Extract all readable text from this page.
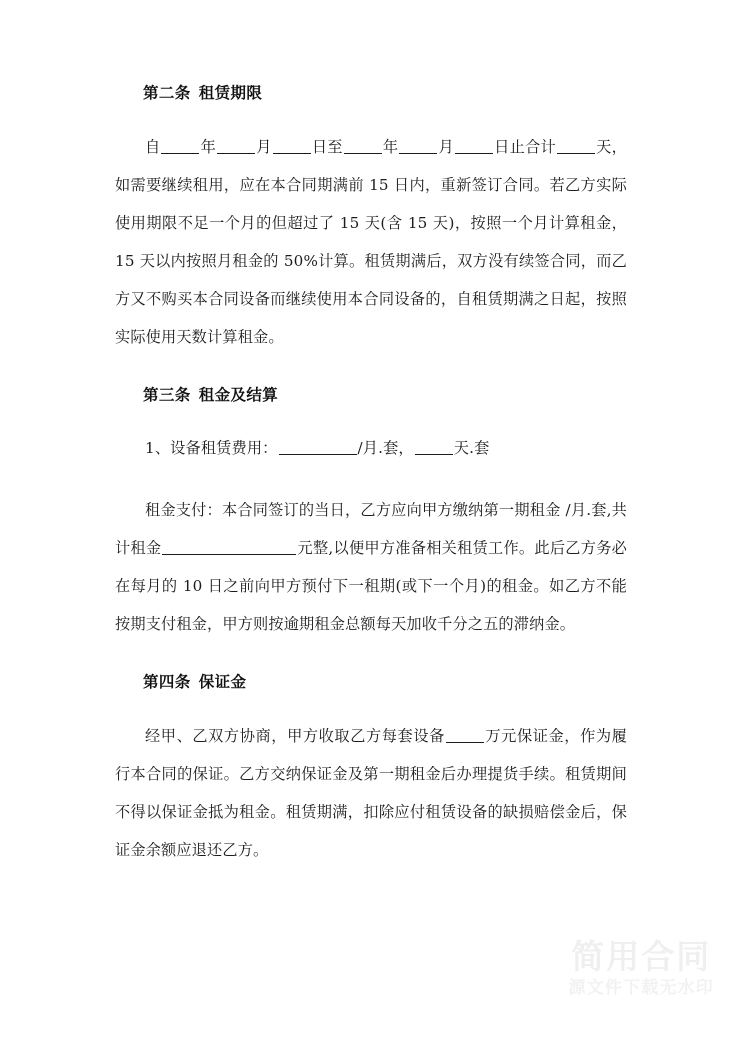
第二条 租赁期限

自	年	月	日至	年	月	日止合计	天，如需要继续租用，应在本合同期满前 15 日内，重新签订合同。若乙方实际使用期限不足一个月的但超过了 15 天(含 15 天)，按照一个月计算租金，15 天以内按照月租金的 50%计算。租赁期满后，双方没有续签合同，而乙方又不购买本合同设备而继续使用本合同设备的，自租赁期满之日起，按照实际使用天数计算租金。

第三条 租金及结算

1、设备租赁费用：	/月.套，	天.套

租金支付：本合同签订的当日，乙方应向甲方缴纳第一期租金 /月.套,共计租金	元整,以便甲方准备相关租赁工作。此后乙方务必在每月的 10 日之前向甲方预付下一租期(或下一个月)的租金。如乙方不能按期支付租金，甲方则按逾期租金总额每天加收千分之五的滞纳金。

第四条 保证金

经甲、乙双方协商，甲方收取乙方每套设备	万元保证金，作为履行本合同的保证。乙方交纳保证金及第一期租金后办理提货手续。租赁期间不得以保证金抵为租金。租赁期满，扣除应付租赁设备的缺损赔偿金后，保证金余额应退还乙方。

简用合同
源文件下载无水印
